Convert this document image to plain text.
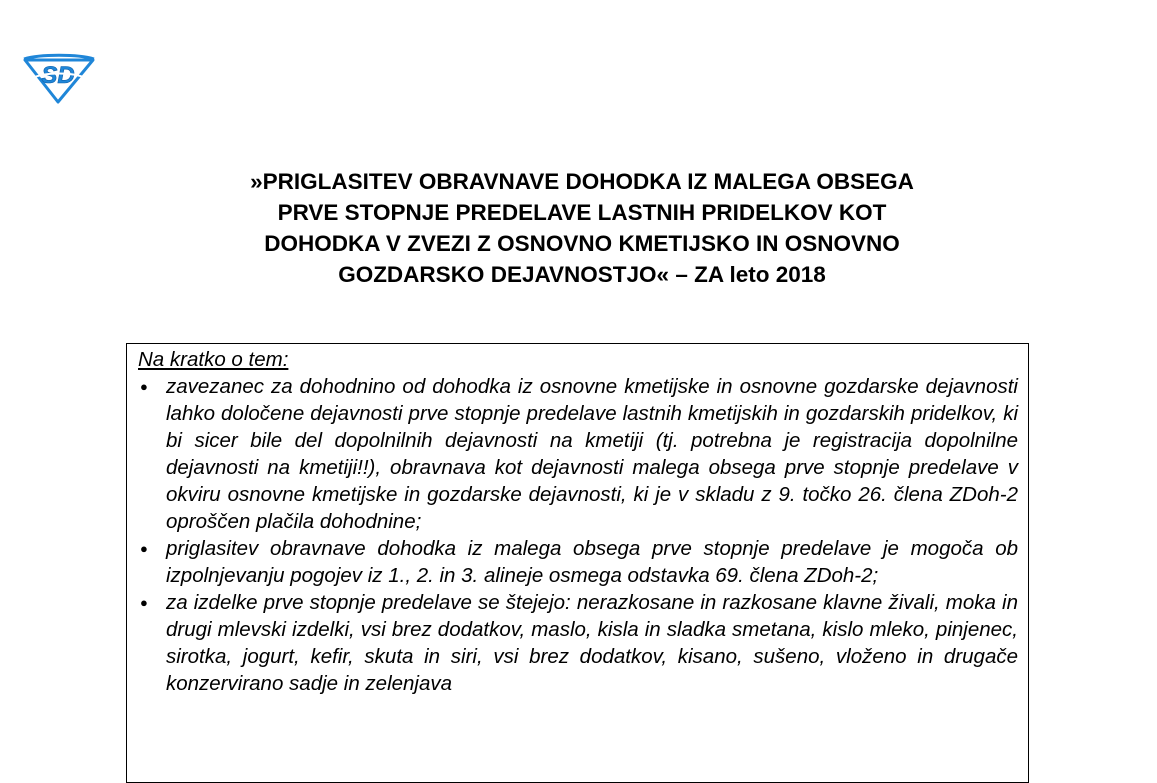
SD
»PRIGLASITEV OBRAVNAVE DOHODKA IZ MALEGA OBSEGA
PRVE STOPNJE PREDELAVE LASTNIH PRIDELKOV KOT
DOHODKA V ZVEZI Z OSNOVNO KMETIJSKO IN OSNOVNO
GOZDARSKO DEJAVNOSTJO« – ZA leto 2018
Na kratko o tem:
● zavezanec za dohodnino od dohodka iz osnovne kmetijske in osnovne gozdarske dejavnosti lahko določene dejavnosti prve stopnje predelave lastnih kmetijskih in gozdarskih pridelkov, ki bi sicer bile del dopolnilnih dejavnosti na kmetiji (tj. potrebna je registracija dopolnilne dejavnosti na kmetiji!!), obravnava kot dejavnosti malega obsega prve stopnje predelave v okviru osnovne kmetijske in gozdarske dejavnosti, ki je v skladu z 9. točko 26. člena ZDoh-2 oproščen plačila dohodnine;
● priglasitev obravnave dohodka iz malega obsega prve stopnje predelave je mogoča ob izpolnjevanju pogojev iz 1., 2. in 3. alineje osmega odstavka 69. člena ZDoh-2;
● za izdelke prve stopnje predelave se štejejo: nerazkosane in razkosane klavne živali, moka in drugi mlevski izdelki, vsi brez dodatkov, maslo, kisla in sladka smetana, kislo mleko, pinjenec, sirotka, jogurt, kefir, skuta in siri, vsi brez dodatkov, kisano, sušeno, vloženo in drugače konzervirano sadje in zelenjava
